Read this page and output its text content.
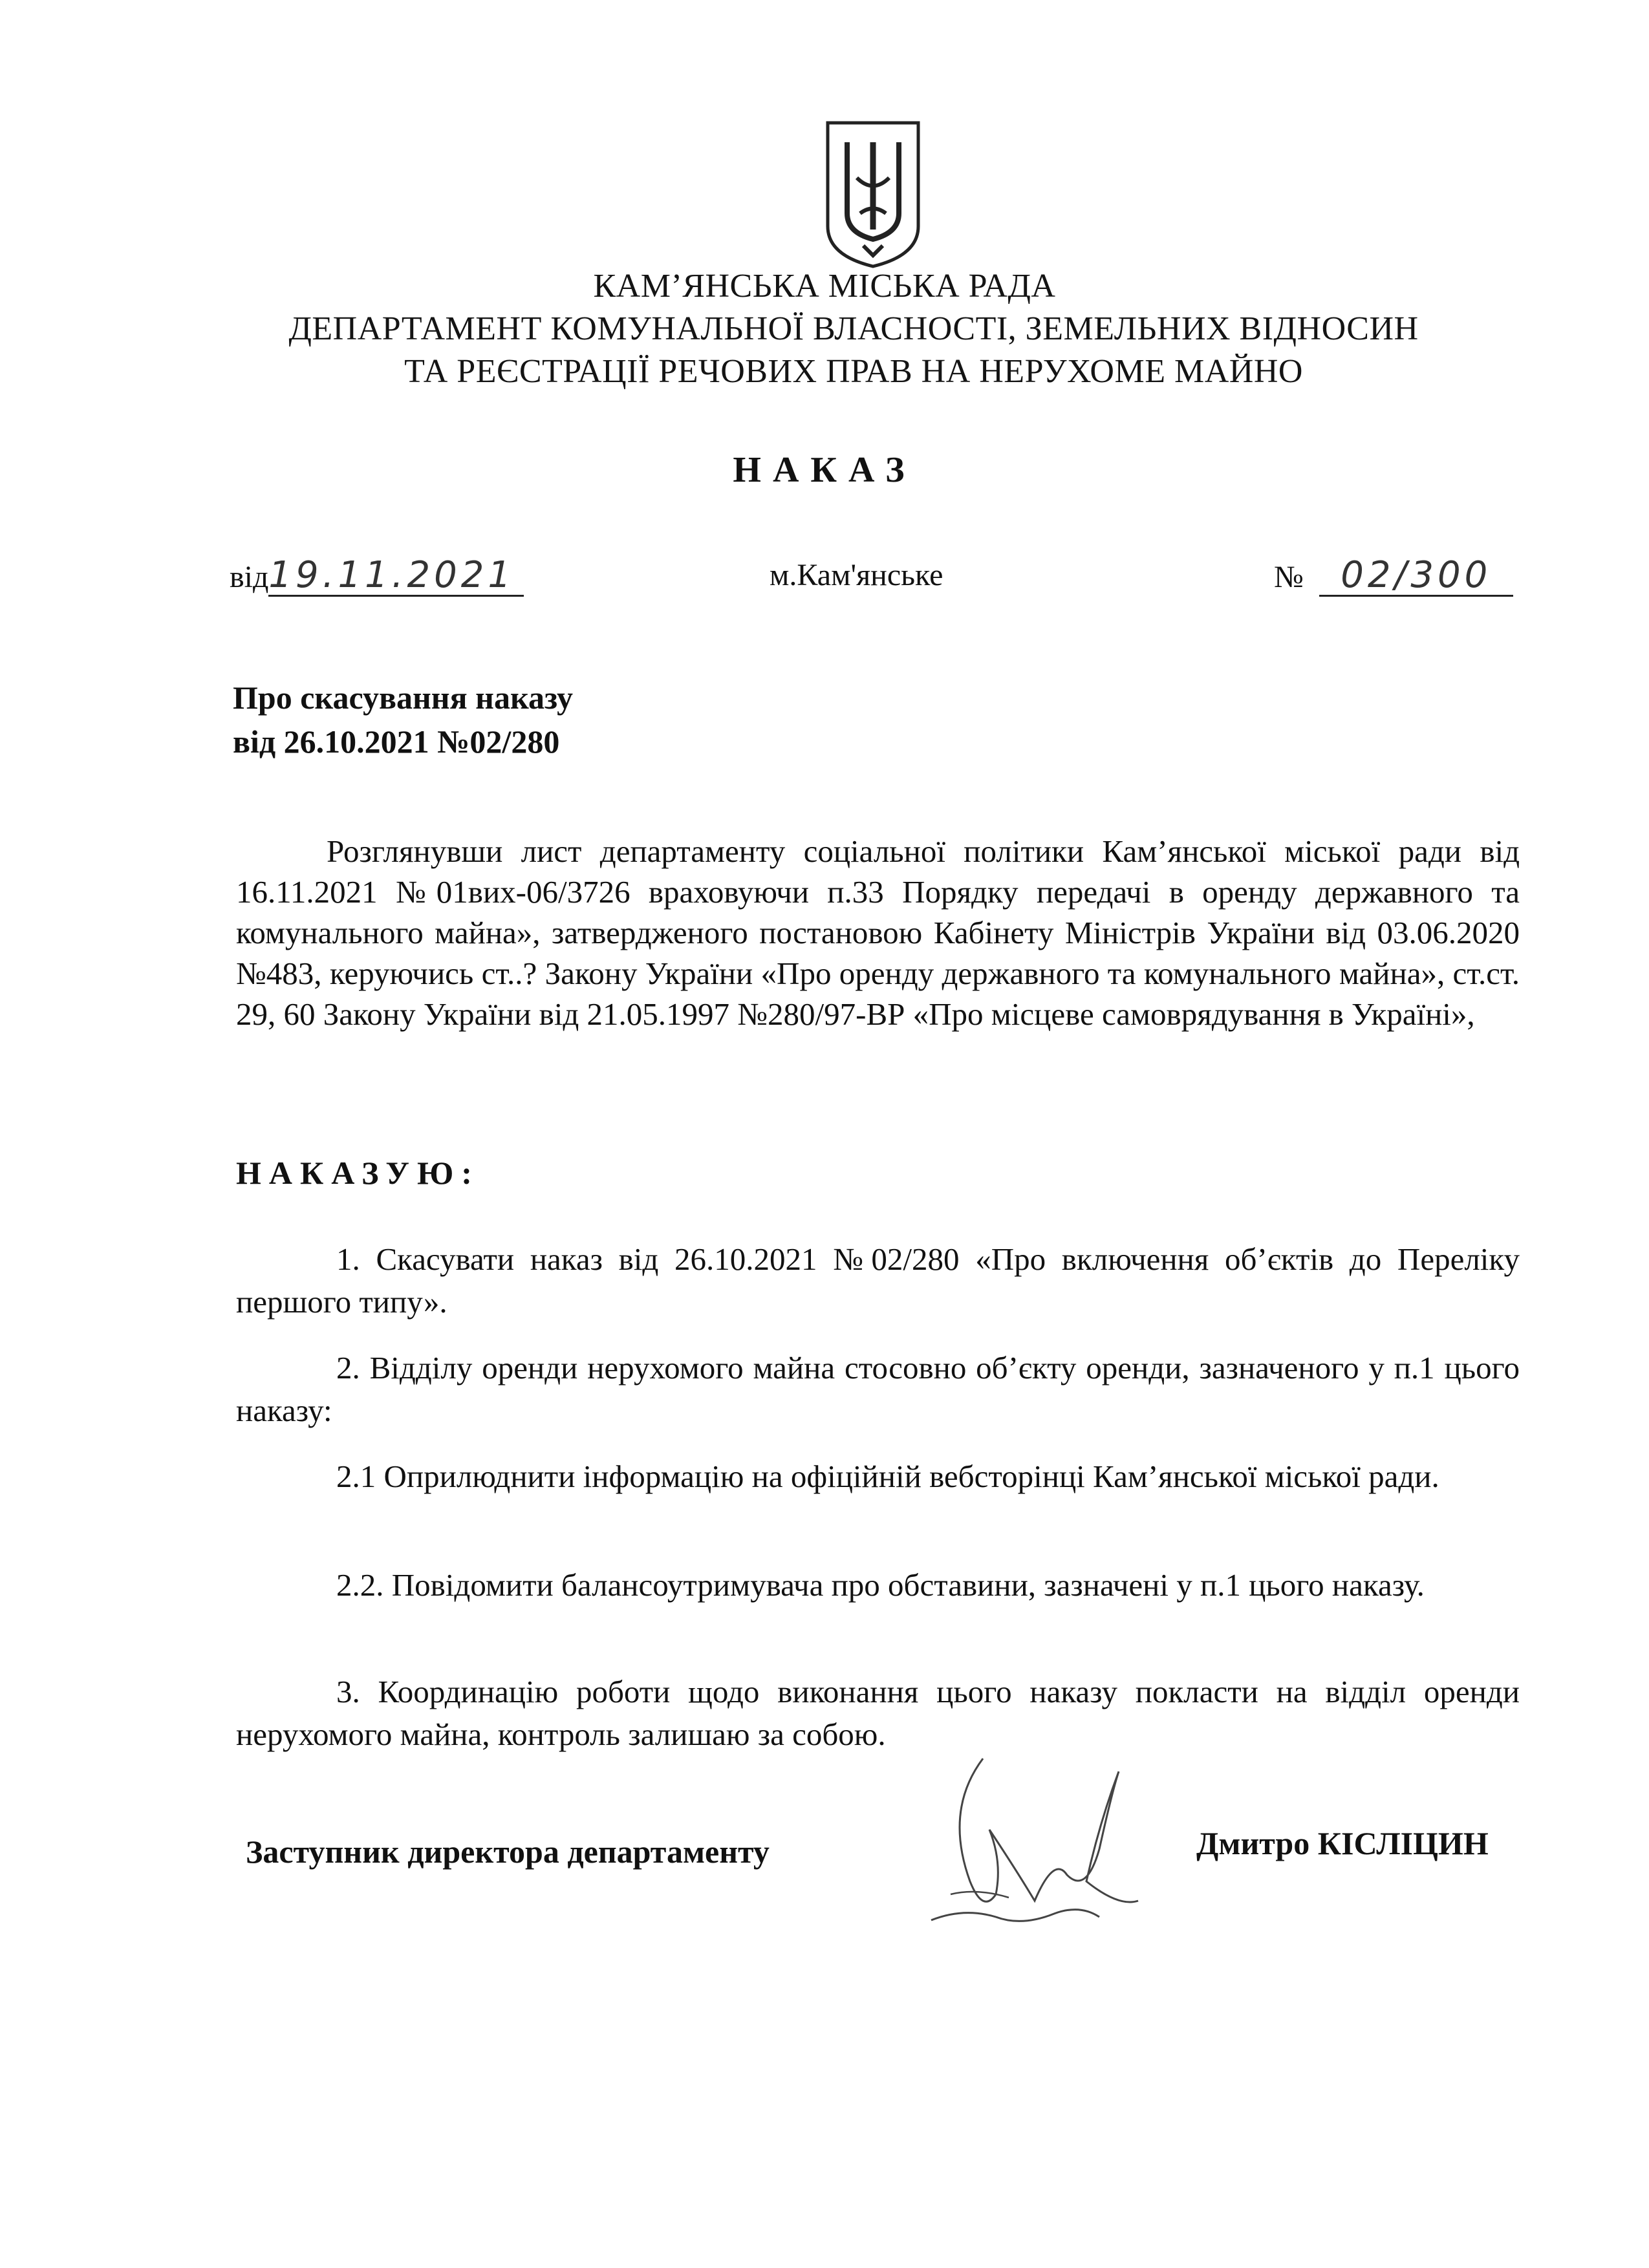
КАМ’ЯНСЬКА МІСЬКА РАДА
ДЕПАРТАМЕНТ КОМУНАЛЬНОЇ ВЛАСНОСТІ, ЗЕМЕЛЬНИХ ВІДНОСИН
ТА РЕЄСТРАЦІЇ РЕЧОВИХ ПРАВ НА НЕРУХОМЕ МАЙНО
НАКАЗ
від19.11.2021	м.Кам'янське	№ 02/300
Про скасування наказу
від 26.10.2021 №02/280
Розглянувши лист департаменту соціальної політики Кам’янської міської ради від 16.11.2021 №01вих-06/3726 враховуючи п.33 Порядку передачі в оренду державного та комунального майна», затвердженого постановою Кабінету Міністрів України від 03.06.2020 №483, керуючись ст..? Закону України «Про оренду державного та комунального майна», ст.ст. 29, 60 Закону України від 21.05.1997 №280/97-ВР «Про місцеве самоврядування в Україні»,
НАКАЗУЮ:
1. Скасувати наказ від 26.10.2021 №02/280 «Про включення об’єктів до Переліку першого типу».
2. Відділу оренди нерухомого майна стосовно об’єкту оренди, зазначеного у п.1 цього наказу:
2.1 Оприлюднити інформацію на офіційній вебсторінці Кам’янської міської ради.
2.2. Повідомити балансоутримувача про обставини, зазначені у п.1 цього наказу.
3. Координацію роботи щодо виконання цього наказу покласти на відділ оренди нерухомого майна, контроль залишаю за собою.
Заступник директора департаменту	Дмитро КІСЛІЦИН
